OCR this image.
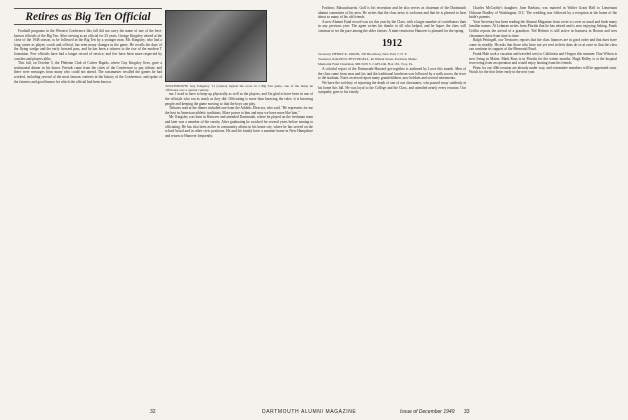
Retires as Big Ten Official

Football programs in the Western Conference this fall did not carry the name of one of the best-known officials of the Big Ten. After serving as an official for 25 years, George Kingsley retired at the close of the 1948 season, to be followed in the Big Ten by a younger man. Mr. Kingsley, who had a long career as player, coach and official, has seen many changes in the game. He recalls the days of the flying wedge and the early forward pass, and he has been a witness to the rise of the modern T formation. Few officials have had a longer record of service, and few have been more respected by coaches and players alike.

This fall, on October 5, the Plebeian Club of Culver Rapids, where Guy Kingsley lives, gave a testimonial dinner in his honor. Friends came from the cities of the Conference to pay tribute, and there were messages from many who could not attend. The toastmaster recalled the games he had worked, including several of the most famous contests in the history of the Conference, and spoke of the fairness and good humor for which the official had been known.

TOUCHDOWN! Guy Kingsley '11 (center) signals the score in a Big Ten game, one of the many he officiated over a quarter century.

me. I used to have to keep up physically as well as the players, and I'm glad to have been in one of the officials who ran as much as they did. Officiating is more than knowing the rules; it is knowing people and keeping the game moving so that the boys can play.

Tributes read at the dinner included one from the Athletic Director, who said, "He represents for me the best in American athletic traditions. More power to him and may we have more like him."

Mr. Kingsley was born in Hanover and attended Dartmouth, where he played on the freshman team and later was a member of the varsity. After graduating he coached for several years before turning to officiating. He has also been active in community affairs in his home city, where he has served on the school board and in other civic positions. He and his family have a summer home in New Hampshire and return to Hanover frequently.

Foxboro, Massachusetts. Golf is his recreation and he also serves as chairman of the Dartmouth alumni committee of his area. He writes that the class news is welcome and that he is pleased to hear about so many of his old friends.

A new Alumni Fund record was set this year by the Class, with a larger number of contributors than in any previous year. The agent writes his thanks to all who helped, and he hopes the class will continue to set the pace among the older classes. A mini-reunion in Hanover is planned for the spring.

1912
Secretary, HENRY K. URION, 230 Broadway, New York 7, N. Y.
Treasurer, RALPH D. PETTINGELL, 40 Walnut Street, Portland, Maine.
Memorial Fund Chairman, MILTON S. CAYLOR, Box 181, Troy, Pa.

A colorful report of the Dartmouth-Harvard get-together is authored by Lowe this month. Men of the class came from near and far, and the traditional luncheon was followed by a walk across the river to the stadium. Notes received report many grandchildren, new hobbies and several retirements.

We have the sad duty of reporting the death of one of our classmates, who passed away suddenly at his home this fall. He was loyal to the College and the Class, and attended nearly every reunion. Our sympathy goes to his family.

Charles McCarthy's daughter, June Barbara, was married in Walter Grant Hall to Lieutenant Osborne Bradley of Washington, D.C. The wedding was followed by a reception at the home of the bride's parents.

Your Secretary has been reading the Alumni Magazine from cover to cover as usual and finds many familiar names. Al Lehman writes from Florida that he has retired and is now enjoying fishing. Frank Griffin reports the arrival of a grandson. Ted Holmes is still active in business in Boston and sees classmates there from time to time.

Ralph Pettingell, our Treasurer, reports that the class finances are in good order and that dues have come in steadily. He asks that those who have not yet sent in their dues do so at once so that the class can continue its support of the Memorial Fund.

Frank Hale took a vacation and traveled west to California and Oregon this summer. Don Wilson is now living in Maine. Mark Ross is in Florida for the winter months. Hugh Ridley is at the hospital recovering from an operation and would enjoy hearing from his friends.

Plans for our 40th reunion are already under way, and committee members will be appointed soon. Watch for the first letter early in the new year.

32	DARTMOUTH ALUMNI MAGAZINE	Issue of December 1949 33
